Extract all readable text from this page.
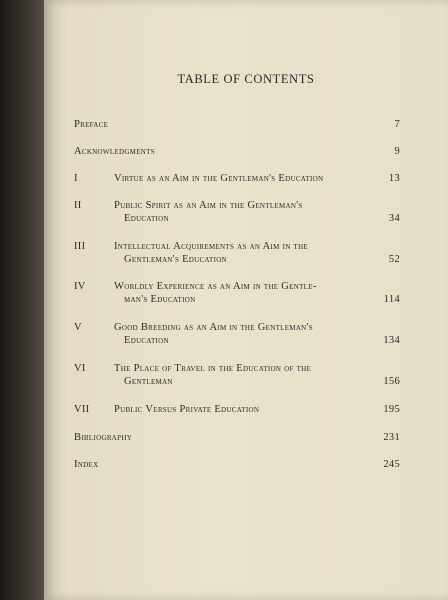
TABLE OF CONTENTS
Preface	7
Acknowledgments	9
I	Virtue as an Aim in the Gentleman's Education	13
II	Public Spirit as an Aim in the Gentleman's
Education	34
III	Intellectual Acquirements as an Aim in the
Gentleman's Education	52
IV	Worldly Experience as an Aim in the Gentle-
man's Education	114
V	Good Breeding as an Aim in the Gentleman's
Education	134
VI	The Place of Travel in the Education of the
Gentleman	156
VII Public Versus Private Education	195
Bibliography	231
Index	245
